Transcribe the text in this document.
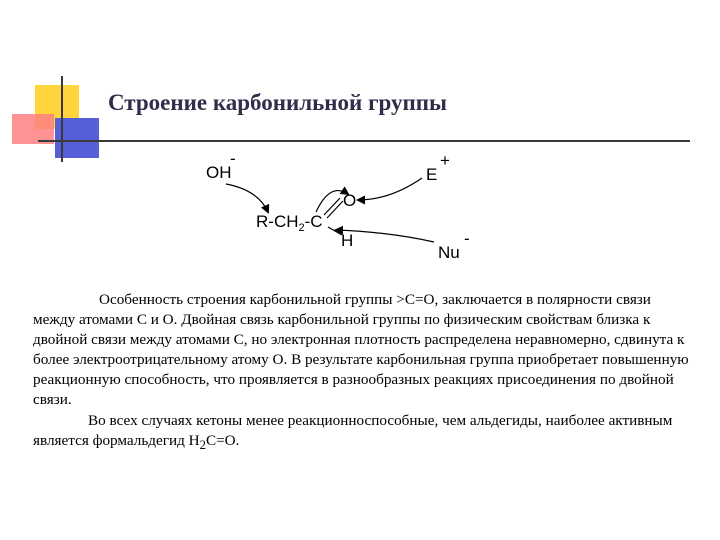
Строение карбонильной группы
OH
-
E
+
O
$R-CH_2-C$
H
Nu
-

Особенность строения карбонильной группы >С=О, заключается в полярности связи между атомами С и О. Двойная связь карбонильной группы по физическим свойствам близка к двойной связи между атомами С, но электронная плотность распределена неравномерно, сдвинута к более электроотрицательному атому О. В результате карбонильная группа приобретает повышенную реакционную способность, что проявляется в разнообразных реакциях присоединения по двойной связи.

Во всех случаях кетоны менее реакционноспособные, чем альдегиды, наиболее активным является формальдегид $Н_2С=О$.
